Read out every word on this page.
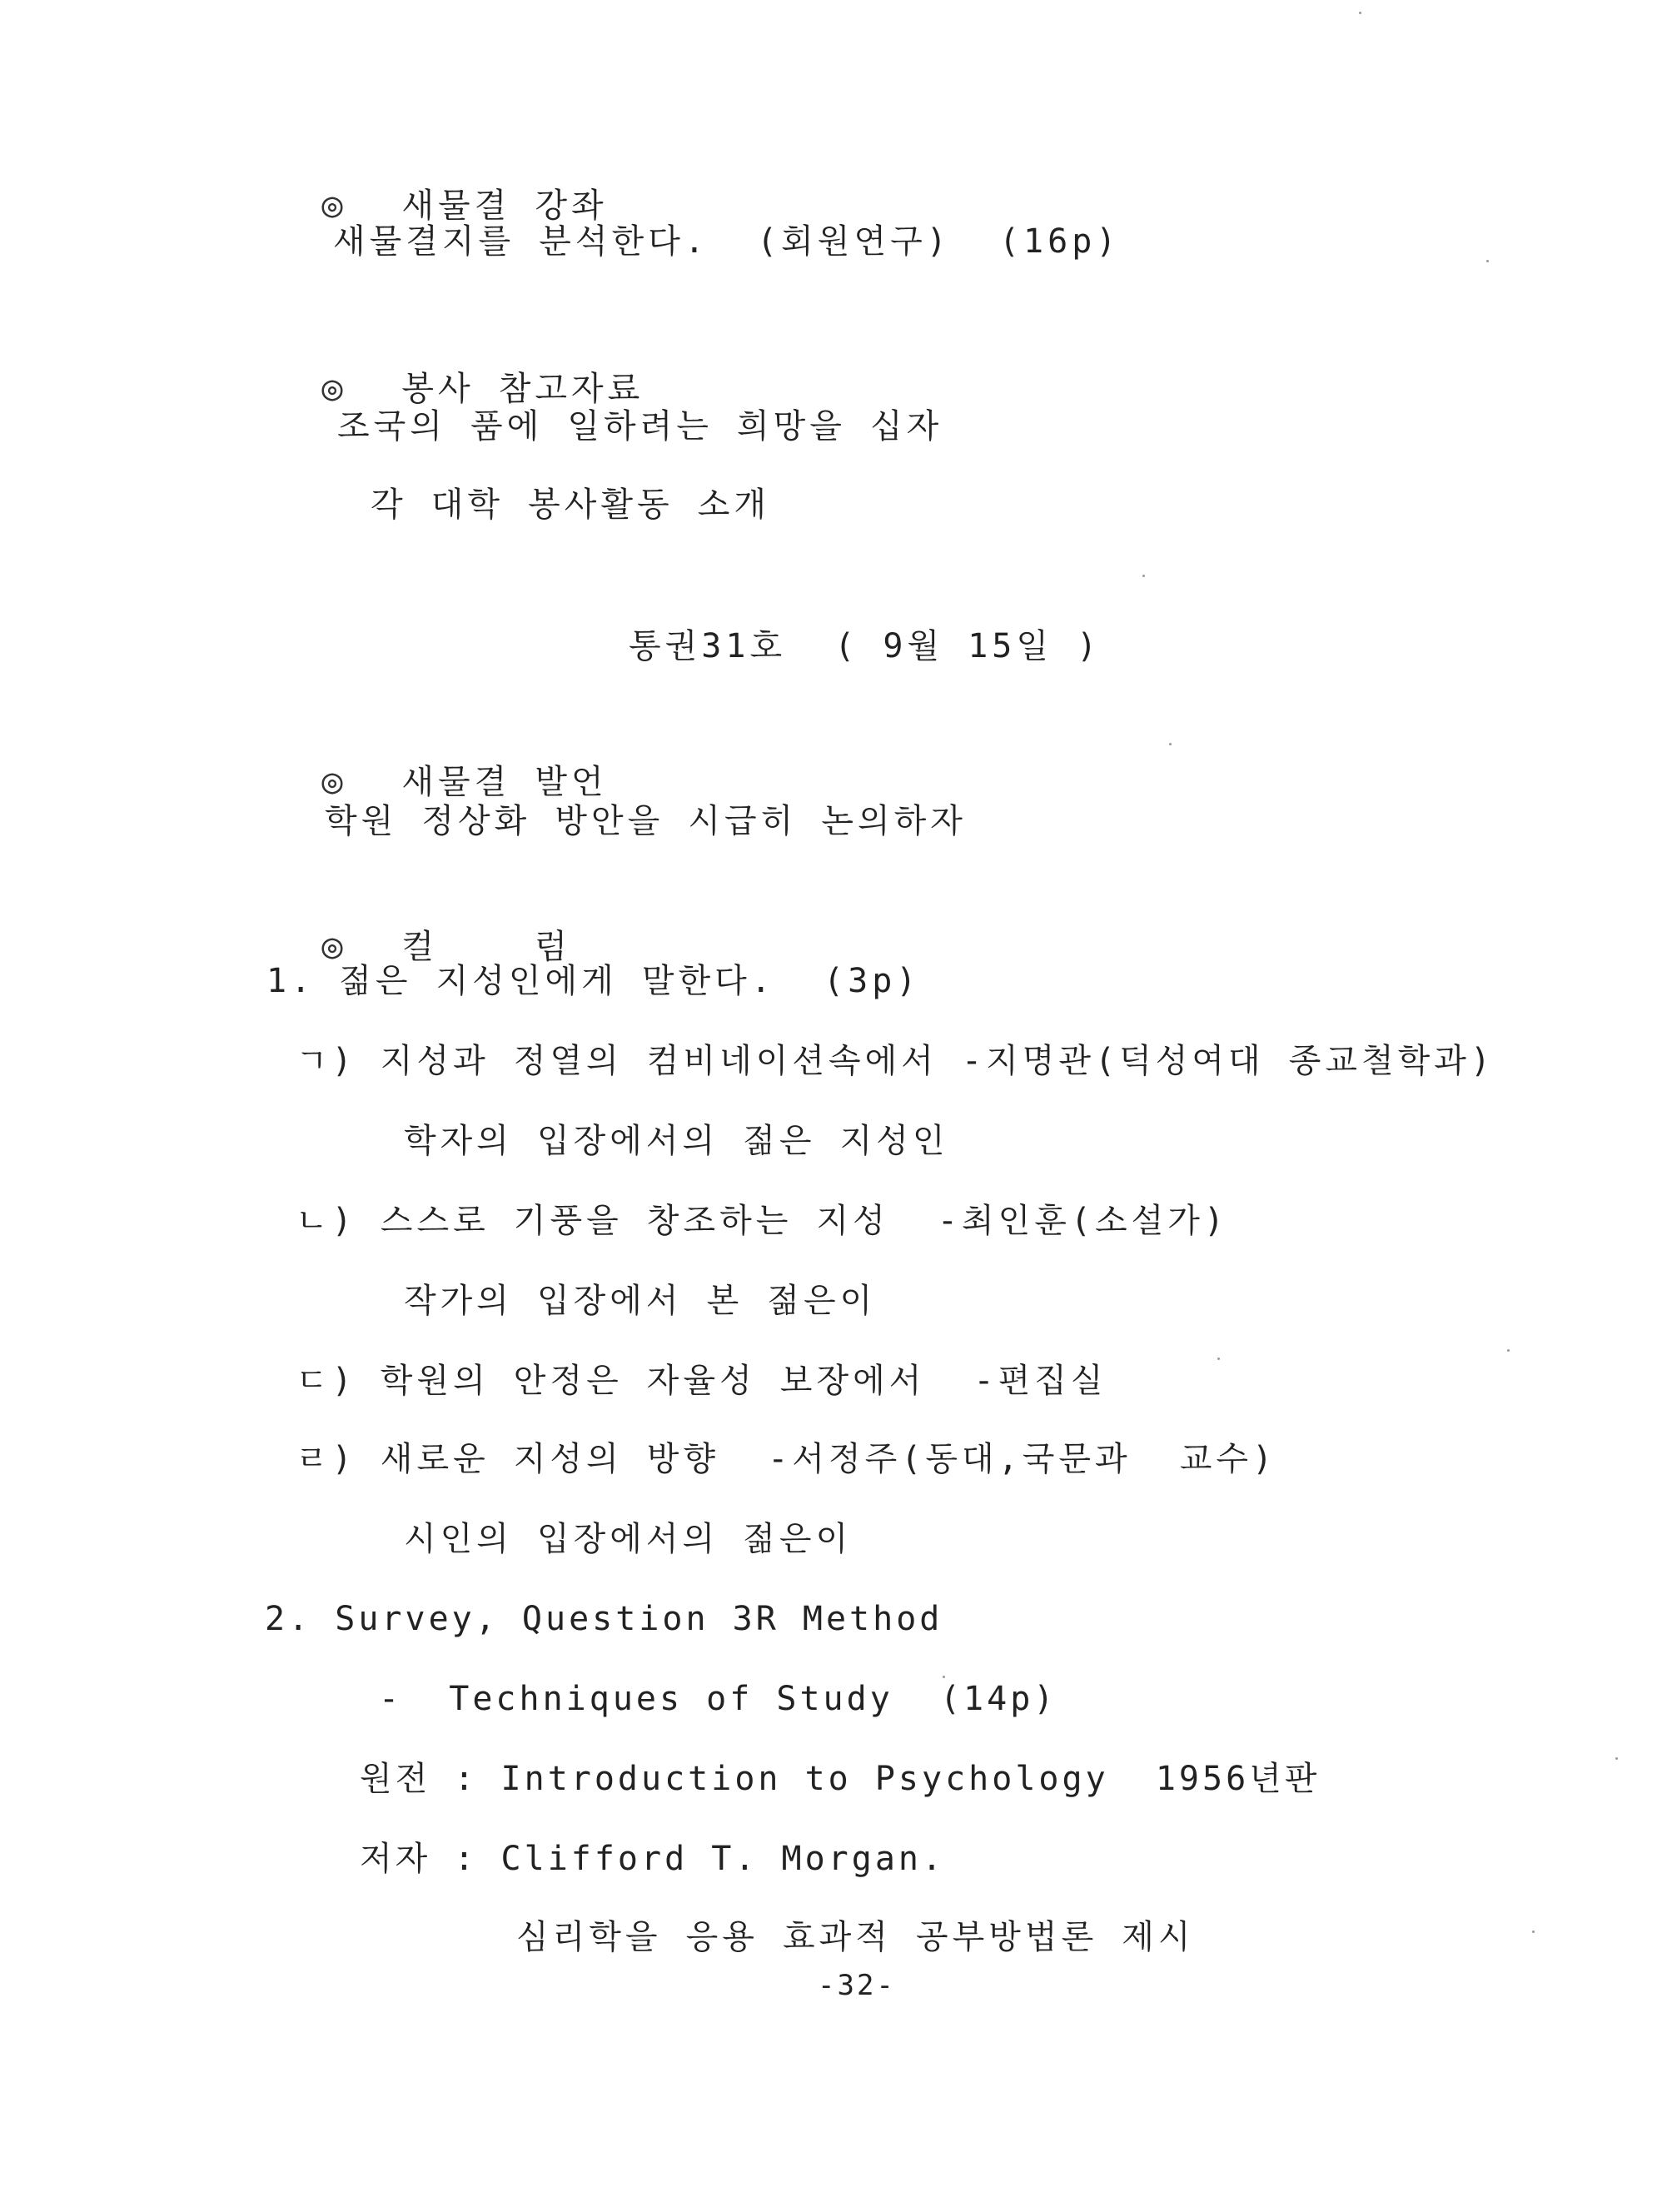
◎ 새물결 강좌

새물결지를 분석한다.  (회원연구)  (16p)

◎ 봉사 참고자료

조국의 품에 일하려는 희망을 십자
각 대학 봉사활동 소개
통권31호  ( 9월 15일 )

◎ 새물결 발언

학원 정상화 방안을 시급히 논의하자

◎ 컬    럼

1. 젊은 지성인에게 말한다.  (3p)
ㄱ) 지성과 정열의 컴비네이션속에서 -지명관(덕성여대 종교철학과)
학자의 입장에서의 젊은 지성인
ㄴ) 스스로 기풍을 창조하는 지성  -최인훈(소설가)
작가의 입장에서 본 젊은이
ㄷ) 학원의 안정은 자율성 보장에서  -편집실
ㄹ) 새로운 지성의 방향  -서정주(동대,국문과  교수)
시인의 입장에서의 젊은이
2. Survey, Question 3R Method
-  Techniques of Study  (14p)
원전 : Introduction to Psychology  1956년판
저자 : Clifford T. Morgan.
심리학을 응용 효과적 공부방법론 제시
-32-
